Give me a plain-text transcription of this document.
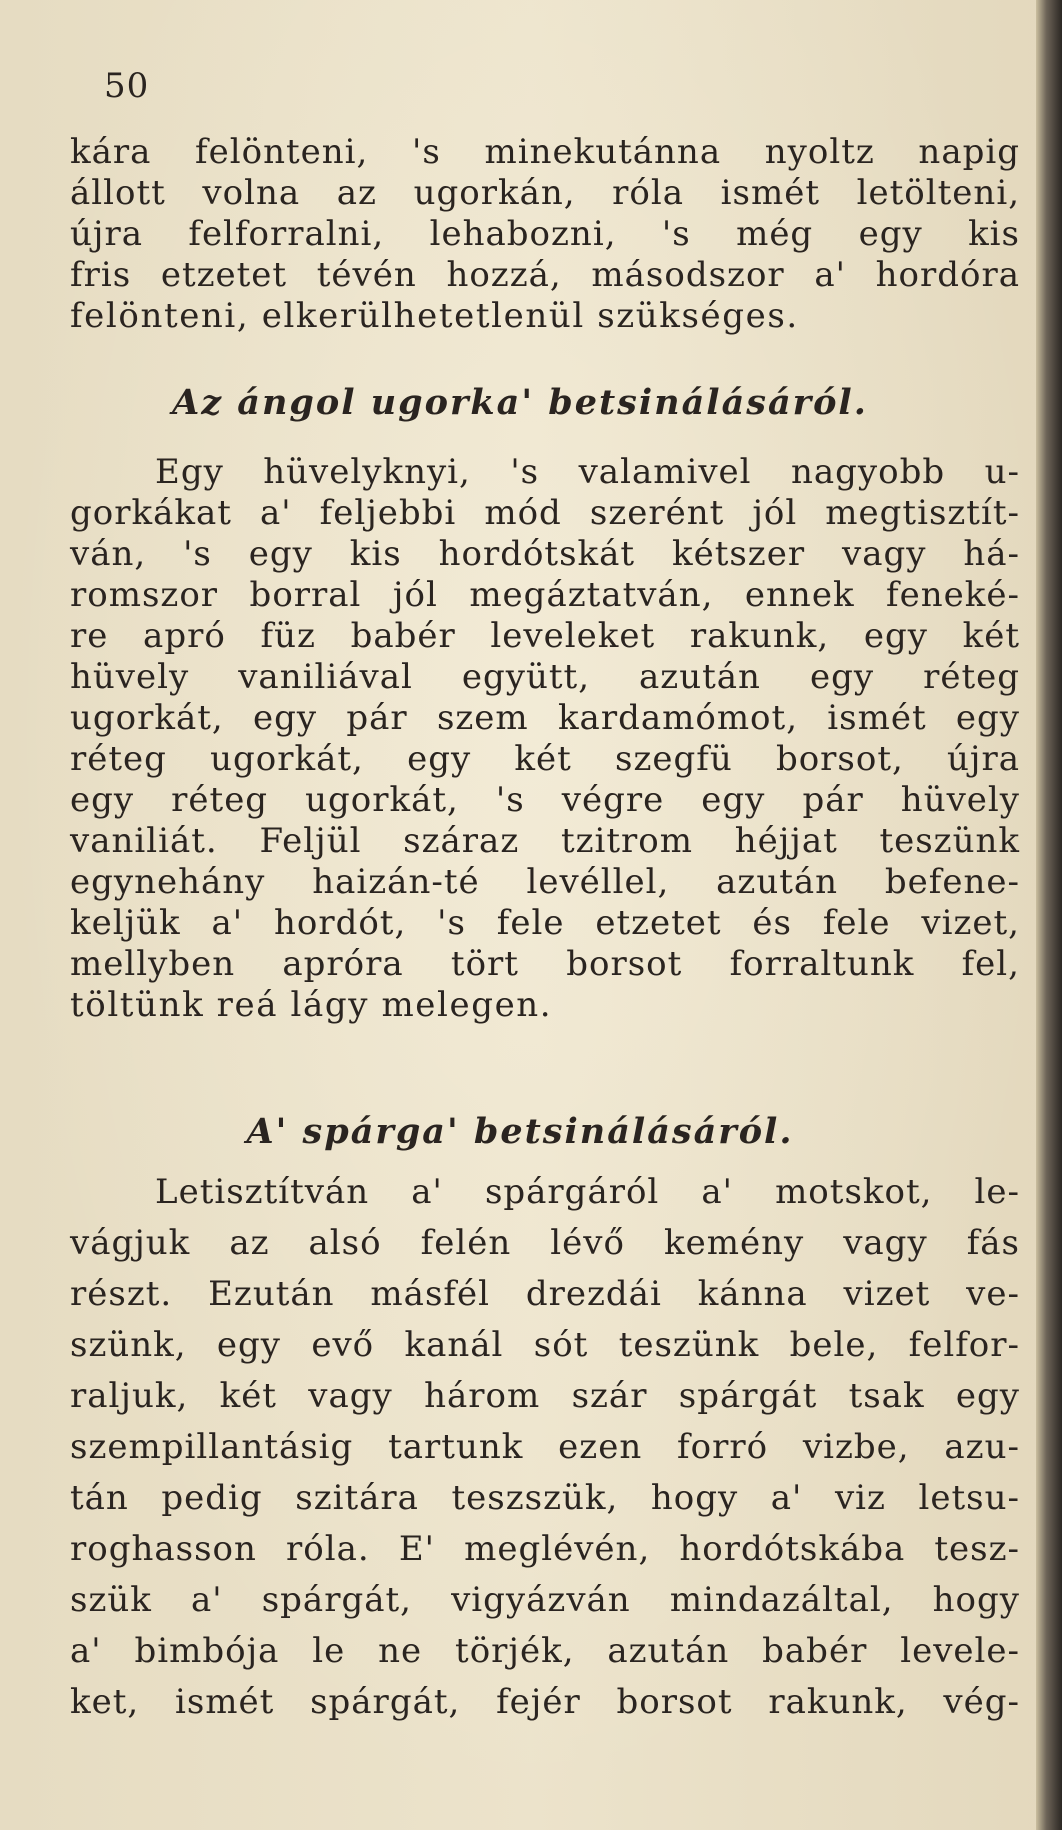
50
kára felönteni, 's minekutánna nyoltz napig
állott volna az ugorkán, róla ismét letölteni,
újra felforralni, lehabozni, 's még egy kis
fris etzetet tévén hozzá, másodszor a' hordóra
felönteni, elkerülhetetlenül szükséges.
Az ángol ugorka' betsinálásáról.
Egy hüvelyknyi, 's valamivel nagyobb u-
gorkákat a' feljebbi mód szerént jól megtisztít-
ván, 's egy kis hordótskát kétszer vagy há-
romszor borral jól megáztatván, ennek feneké-
re apró füz babér leveleket rakunk, egy két
hüvely vaniliával együtt, azután egy réteg
ugorkát, egy pár szem kardamómot, ismét egy
réteg ugorkát, egy két szegfü borsot, újra
egy réteg ugorkát, 's végre egy pár hüvely
vaniliát. Feljül száraz tzitrom héjjat teszünk
egynehány haizán-té levéllel, azután befene-
keljük a' hordót, 's fele etzetet és fele vizet,
mellyben apróra tört borsot forraltunk fel,
töltünk reá lágy melegen.
A' spárga' betsinálásáról.
Letisztítván a' spárgáról a' motskot, le-
vágjuk az alsó felén lévő kemény vagy fás
részt. Ezután másfél drezdái kánna vizet ve-
szünk, egy evő kanál sót teszünk bele, felfor-
raljuk, két vagy három szár spárgát tsak egy
szempillantásig tartunk ezen forró vizbe, azu-
tán pedig szitára teszszük, hogy a' viz letsu-
roghasson róla. E' meglévén, hordótskába tesz-
szük a' spárgát, vigyázván mindazáltal, hogy
a' bimbója le ne törjék, azután babér levele-
ket, ismét spárgát, fejér borsot rakunk, vég-
